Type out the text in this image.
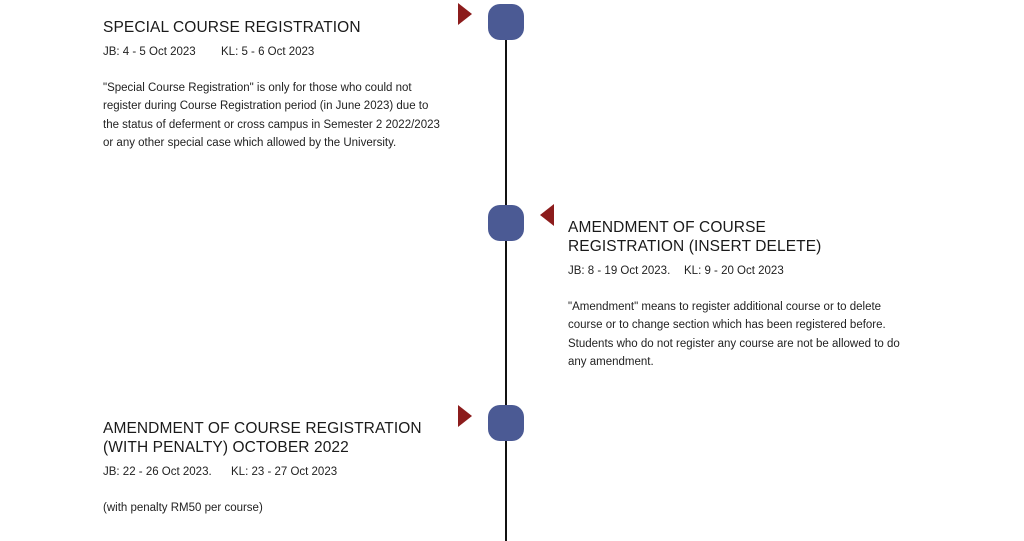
SPECIAL COURSE REGISTRATION
JB: 4 - 5 Oct 2023 KL: 5 - 6 Oct 2023
"Special Course Registration" is only for those who could not register during Course Registration period (in June 2023) due to the status of deferment or cross campus in Semester 2 2022/2023 or any other special case which allowed by the University.
AMENDMENT OF COURSE REGISTRATION (INSERT DELETE)
JB: 8 - 19 Oct 2023. KL: 9 - 20 Oct 2023
"Amendment" means to register additional course or to delete course or to change section which has been registered before. Students who do not register any course are not be allowed to do any amendment.
AMENDMENT OF COURSE REGISTRATION (WITH PENALTY) OCTOBER 2022
JB: 22 - 26 Oct 2023. KL: 23 - 27 Oct 2023
(with penalty RM50 per course)
